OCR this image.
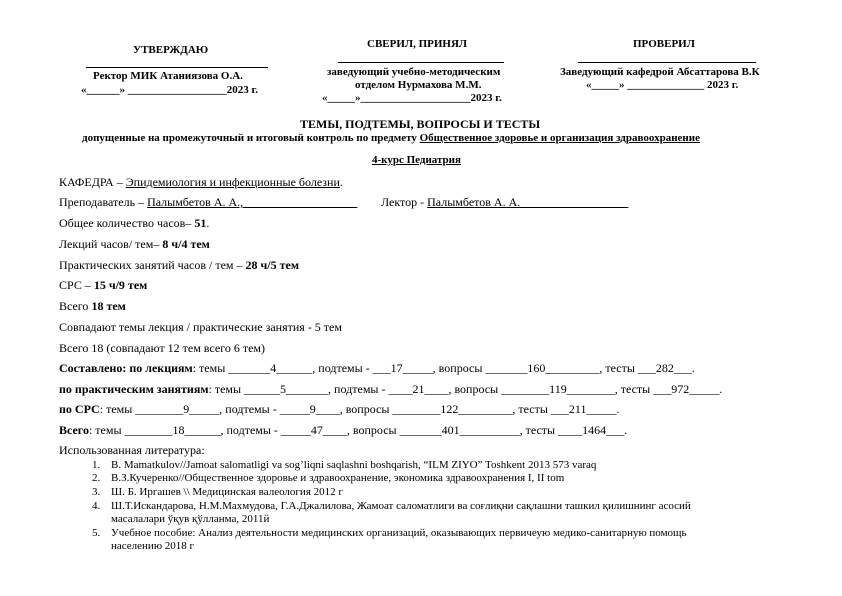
УТВЕРЖДАЮ
Ректор МИК Атаниязова О.А.
«______» __________________2023 г.
СВЕРИЛ, ПРИНЯЛ
заведующий учебно-методическим
отделом Нурмахова М.М.
«_____»____________________2023 г.
ПРОВЕРИЛ
Заведующий кафедрой Абсаттарова В.К
«_____» ______________ 2023 г.
ТЕМЫ, ПОДТЕМЫ, ВОПРОСЫ И ТЕСТЫ
допущенные на промежуточный и итоговый контроль по предмету Общественное здоровье и организация здравоохранение
4-курс Педиатрия
КАФЕДРА – Эпидемиология и инфекционные болезни.
Преподаватель – Палымбетов А. А.,___________________ Лектор - Палымбетов А. А.__________________
Общее количество часов– 51.
Лекций часов/ тем– 8 ч/4 тем
Практических занятий часов / тем – 28 ч/5 тем
СРС – 15 ч/9 тем
Всего 18 тем
Совпадают темы лекция / практические занятия - 5 тем
Всего 18 (совпадают 12 тем всего 6 тем)
Составлено: по лекциям: темы _______4______, подтемы - ___17_____, вопросы _______160_________, тесты ___282___.
по практическим занятиям: темы ______5_______, подтемы - ____21____, вопросы ________119________, тесты ___972_____.
по СРС: темы ________9_____, подтемы - _____9____, вопросы ________122_________, тесты ___211_____.
Всего: темы ________18______, подтемы - _____47____, вопросы _______401__________, тесты ____1464___.
Использованная литература:
1. B. Mamatkulov//Jamoat salomatligi va sog’liqni saqlashni boshqarish, “ILM ZIYO” Toshkent 2013 573 varaq
2. В.З.Кучеренко//Общественное здоровье и здравоохранение, экономика здравоохранения I, II tom
3. Ш. Б. Иргашев \\ Медицинская валеология 2012 г
4. Ш.Т.Искандарова, Н.М.Махмудова, Г.А.Джалилова, Жамоат саломатлиги ва соғлиқни сақлашни ташкил қилишнинг асосий
масалалари ўқув қўлланма, 2011й
5. Учебное пособие: Анализ деятельности медицинских организаций, оказывающих первичеую медико-санитарную помощь
населению 2018 г
